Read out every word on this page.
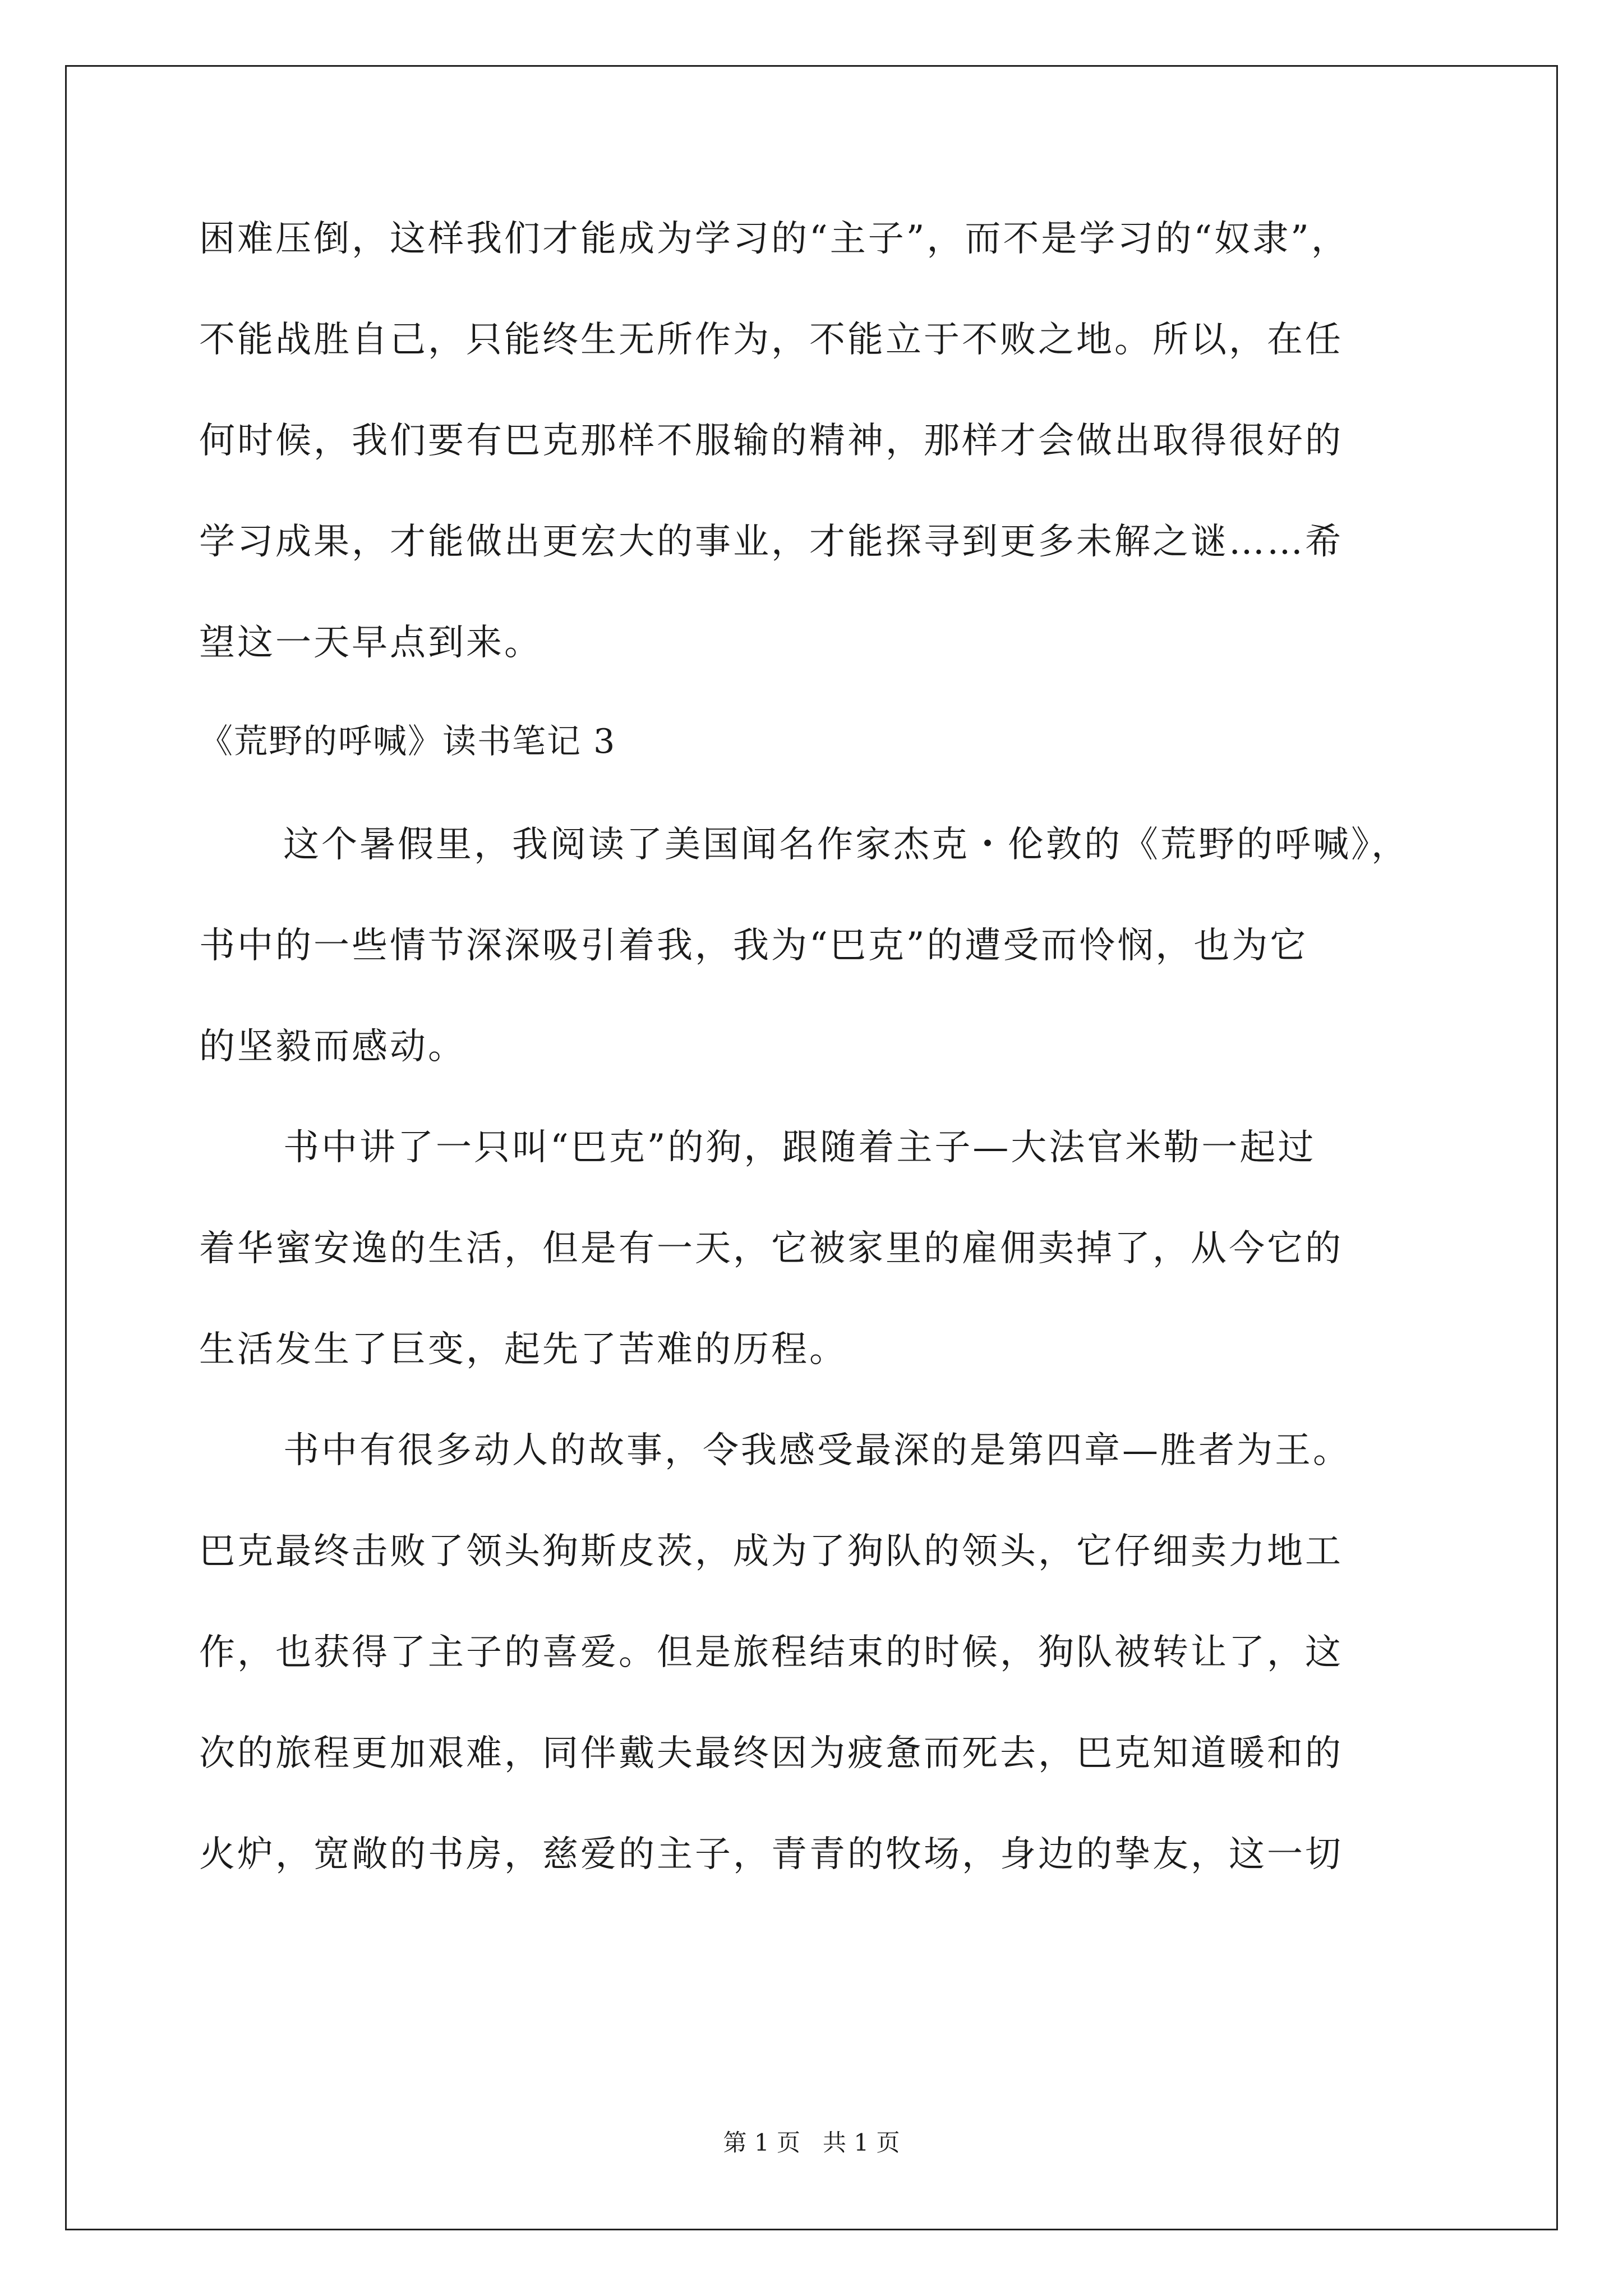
困难压倒，这样我们才能成为学习的“主子”，而不是学习的“奴隶”，
不能战胜自己，只能终生无所作为，不能立于不败之地。所以，在任
何时候，我们要有巴克那样不服输的精神，那样才会做出取得很好的
学习成果，才能做出更宏大的事业，才能探寻到更多未解之谜……希
望这一天早点到来。
《荒野的呼喊》读书笔记 3
这个暑假里，我阅读了美国闻名作家杰克・伦敦的《荒野的呼喊》，
书中的一些情节深深吸引着我，我为“巴克”的遭受而怜悯，也为它
的坚毅而感动。
书中讲了一只叫“巴克”的狗，跟随着主子—大法官米勒一起过
着华蜜安逸的生活，但是有一天，它被家里的雇佣卖掉了，从今它的
生活发生了巨变，起先了苦难的历程。
书中有很多动人的故事，令我感受最深的是第四章—胜者为王。
巴克最终击败了领头狗斯皮茨，成为了狗队的领头，它仔细卖力地工
作，也获得了主子的喜爱。但是旅程结束的时候，狗队被转让了，这
次的旅程更加艰难，同伴戴夫最终因为疲惫而死去，巴克知道暖和的
火炉，宽敞的书房，慈爱的主子，青青的牧场，身边的挚友，这一切
第 1 页   共 1 页
